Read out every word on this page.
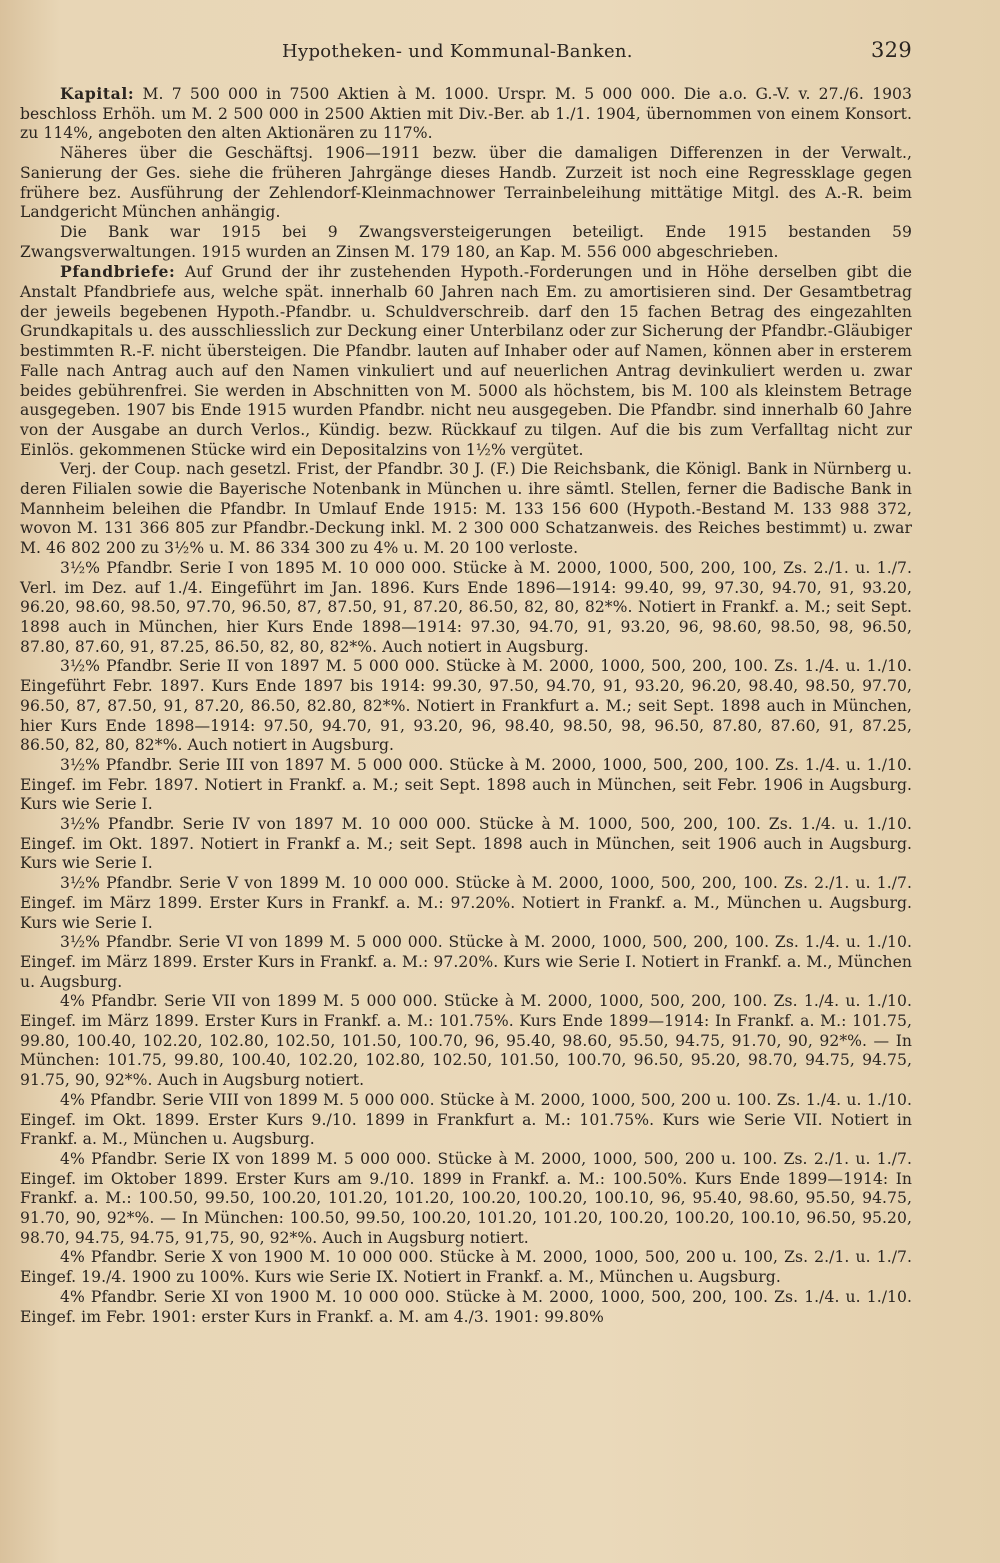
Hypotheken- und Kommunal-Banken.	329

Kapital: M. 7 500 000 in 7500 Aktien à M. 1000. Urspr. M. 5 000 000. Die a.o. G.-V. v. 27./6. 1903 beschloss Erhöh. um M. 2 500 000 in 2500 Aktien mit Div.-Ber. ab 1./1. 1904, übernommen von einem Konsort. zu 114%, angeboten den alten Aktionären zu 117%.

Näheres über die Geschäftsj. 1906—1911 bezw. über die damaligen Differenzen in der Verwalt., Sanierung der Ges. siehe die früheren Jahrgänge dieses Handb. Zurzeit ist noch eine Regressklage gegen frühere bez. Ausführung der Zehlendorf-Kleinmachnower Terrainbeleihung mittätige Mitgl. des A.-R. beim Landgericht München anhängig.

Die Bank war 1915 bei 9 Zwangsversteigerungen beteiligt. Ende 1915 bestanden 59 Zwangsverwaltungen. 1915 wurden an Zinsen M. 179 180, an Kap. M. 556 000 abgeschrieben.

Pfandbriefe: Auf Grund der ihr zustehenden Hypoth.-Forderungen und in Höhe derselben gibt die Anstalt Pfandbriefe aus, welche spät. innerhalb 60 Jahren nach Em. zu amortisieren sind. Der Gesamtbetrag der jeweils begebenen Hypoth.-Pfandbr. u. Schuldverschreib. darf den 15 fachen Betrag des eingezahlten Grundkapitals u. des ausschliesslich zur Deckung einer Unterbilanz oder zur Sicherung der Pfandbr.-Gläubiger bestimmten R.-F. nicht übersteigen. Die Pfandbr. lauten auf Inhaber oder auf Namen, können aber in ersterem Falle nach Antrag auch auf den Namen vinkuliert und auf neuerlichen Antrag devinkuliert werden u. zwar beides gebührenfrei. Sie werden in Abschnitten von M. 5000 als höchstem, bis M. 100 als kleinstem Betrage ausgegeben. 1907 bis Ende 1915 wurden Pfandbr. nicht neu ausgegeben. Die Pfandbr. sind innerhalb 60 Jahre von der Ausgabe an durch Verlos., Kündig. bezw. Rückkauf zu tilgen. Auf die bis zum Verfalltag nicht zur Einlös. gekommenen Stücke wird ein Depositalzins von 1½% vergütet.

Verj. der Coup. nach gesetzl. Frist, der Pfandbr. 30 J. (F.) Die Reichsbank, die Königl. Bank in Nürnberg u. deren Filialen sowie die Bayerische Notenbank in München u. ihre sämtl. Stellen, ferner die Badische Bank in Mannheim beleihen die Pfandbr. In Umlauf Ende 1915: M. 133 156 600 (Hypoth.-Bestand M. 133 988 372, wovon M. 131 366 805 zur Pfandbr.-Deckung inkl. M. 2 300 000 Schatzanweis. des Reiches bestimmt) u. zwar M. 46 802 200 zu 3½% u. M. 86 334 300 zu 4% u. M. 20 100 verloste.

3½% Pfandbr. Serie I von 1895 M. 10 000 000. Stücke à M. 2000, 1000, 500, 200, 100, Zs. 2./1. u. 1./7. Verl. im Dez. auf 1./4. Eingeführt im Jan. 1896. Kurs Ende 1896—1914: 99.40, 99, 97.30, 94.70, 91, 93.20, 96.20, 98.60, 98.50, 97.70, 96.50, 87, 87.50, 91, 87.20, 86.50, 82, 80, 82*%. Notiert in Frankf. a. M.; seit Sept. 1898 auch in München, hier Kurs Ende 1898—1914: 97.30, 94.70, 91, 93.20, 96, 98.60, 98.50, 98, 96.50, 87.80, 87.60, 91, 87.25, 86.50, 82, 80, 82*%. Auch notiert in Augsburg.

3½% Pfandbr. Serie II von 1897 M. 5 000 000. Stücke à M. 2000, 1000, 500, 200, 100. Zs. 1./4. u. 1./10. Eingeführt Febr. 1897. Kurs Ende 1897 bis 1914: 99.30, 97.50, 94.70, 91, 93.20, 96.20, 98.40, 98.50, 97.70, 96.50, 87, 87.50, 91, 87.20, 86.50, 82.80, 82*%. Notiert in Frankfurt a. M.; seit Sept. 1898 auch in München, hier Kurs Ende 1898—1914: 97.50, 94.70, 91, 93.20, 96, 98.40, 98.50, 98, 96.50, 87.80, 87.60, 91, 87.25, 86.50, 82, 80, 82*%. Auch notiert in Augsburg.

3½% Pfandbr. Serie III von 1897 M. 5 000 000. Stücke à M. 2000, 1000, 500, 200, 100. Zs. 1./4. u. 1./10. Eingef. im Febr. 1897. Notiert in Frankf. a. M.; seit Sept. 1898 auch in München, seit Febr. 1906 in Augsburg. Kurs wie Serie I.

3½% Pfandbr. Serie IV von 1897 M. 10 000 000. Stücke à M. 1000, 500, 200, 100. Zs. 1./4. u. 1./10. Eingef. im Okt. 1897. Notiert in Frankf a. M.; seit Sept. 1898 auch in München, seit 1906 auch in Augsburg. Kurs wie Serie I.

3½% Pfandbr. Serie V von 1899 M. 10 000 000. Stücke à M. 2000, 1000, 500, 200, 100. Zs. 2./1. u. 1./7. Eingef. im März 1899. Erster Kurs in Frankf. a. M.: 97.20%. Notiert in Frankf. a. M., München u. Augsburg. Kurs wie Serie I.

3½% Pfandbr. Serie VI von 1899 M. 5 000 000. Stücke à M. 2000, 1000, 500, 200, 100. Zs. 1./4. u. 1./10. Eingef. im März 1899. Erster Kurs in Frankf. a. M.: 97.20%. Kurs wie Serie I. Notiert in Frankf. a. M., München u. Augsburg.

4% Pfandbr. Serie VII von 1899 M. 5 000 000. Stücke à M. 2000, 1000, 500, 200, 100. Zs. 1./4. u. 1./10. Eingef. im März 1899. Erster Kurs in Frankf. a. M.: 101.75%. Kurs Ende 1899—1914: In Frankf. a. M.: 101.75, 99.80, 100.40, 102.20, 102.80, 102.50, 101.50, 100.70, 96, 95.40, 98.60, 95.50, 94.75, 91.70, 90, 92*%. — In München: 101.75, 99.80, 100.40, 102.20, 102.80, 102.50, 101.50, 100.70, 96.50, 95.20, 98.70, 94.75, 94.75, 91.75, 90, 92*%. Auch in Augsburg notiert.

4% Pfandbr. Serie VIII von 1899 M. 5 000 000. Stücke à M. 2000, 1000, 500, 200 u. 100. Zs. 1./4. u. 1./10. Eingef. im Okt. 1899. Erster Kurs 9./10. 1899 in Frankfurt a. M.: 101.75%. Kurs wie Serie VII. Notiert in Frankf. a. M., München u. Augsburg.

4% Pfandbr. Serie IX von 1899 M. 5 000 000. Stücke à M. 2000, 1000, 500, 200 u. 100. Zs. 2./1. u. 1./7. Eingef. im Oktober 1899. Erster Kurs am 9./10. 1899 in Frankf. a. M.: 100.50%. Kurs Ende 1899—1914: In Frankf. a. M.: 100.50, 99.50, 100.20, 101.20, 101.20, 100.20, 100.20, 100.10, 96, 95.40, 98.60, 95.50, 94.75, 91.70, 90, 92*%. — In München: 100.50, 99.50, 100.20, 101.20, 101.20, 100.20, 100.20, 100.10, 96.50, 95.20, 98.70, 94.75, 94.75, 91,75, 90, 92*%. Auch in Augsburg notiert.

4% Pfandbr. Serie X von 1900 M. 10 000 000. Stücke à M. 2000, 1000, 500, 200 u. 100, Zs. 2./1. u. 1./7. Eingef. 19./4. 1900 zu 100%. Kurs wie Serie IX. Notiert in Frankf. a. M., München u. Augsburg.

4% Pfandbr. Serie XI von 1900 M. 10 000 000. Stücke à M. 2000, 1000, 500, 200, 100. Zs. 1./4. u. 1./10. Eingef. im Febr. 1901: erster Kurs in Frankf. a. M. am 4./3. 1901: 99.80%
